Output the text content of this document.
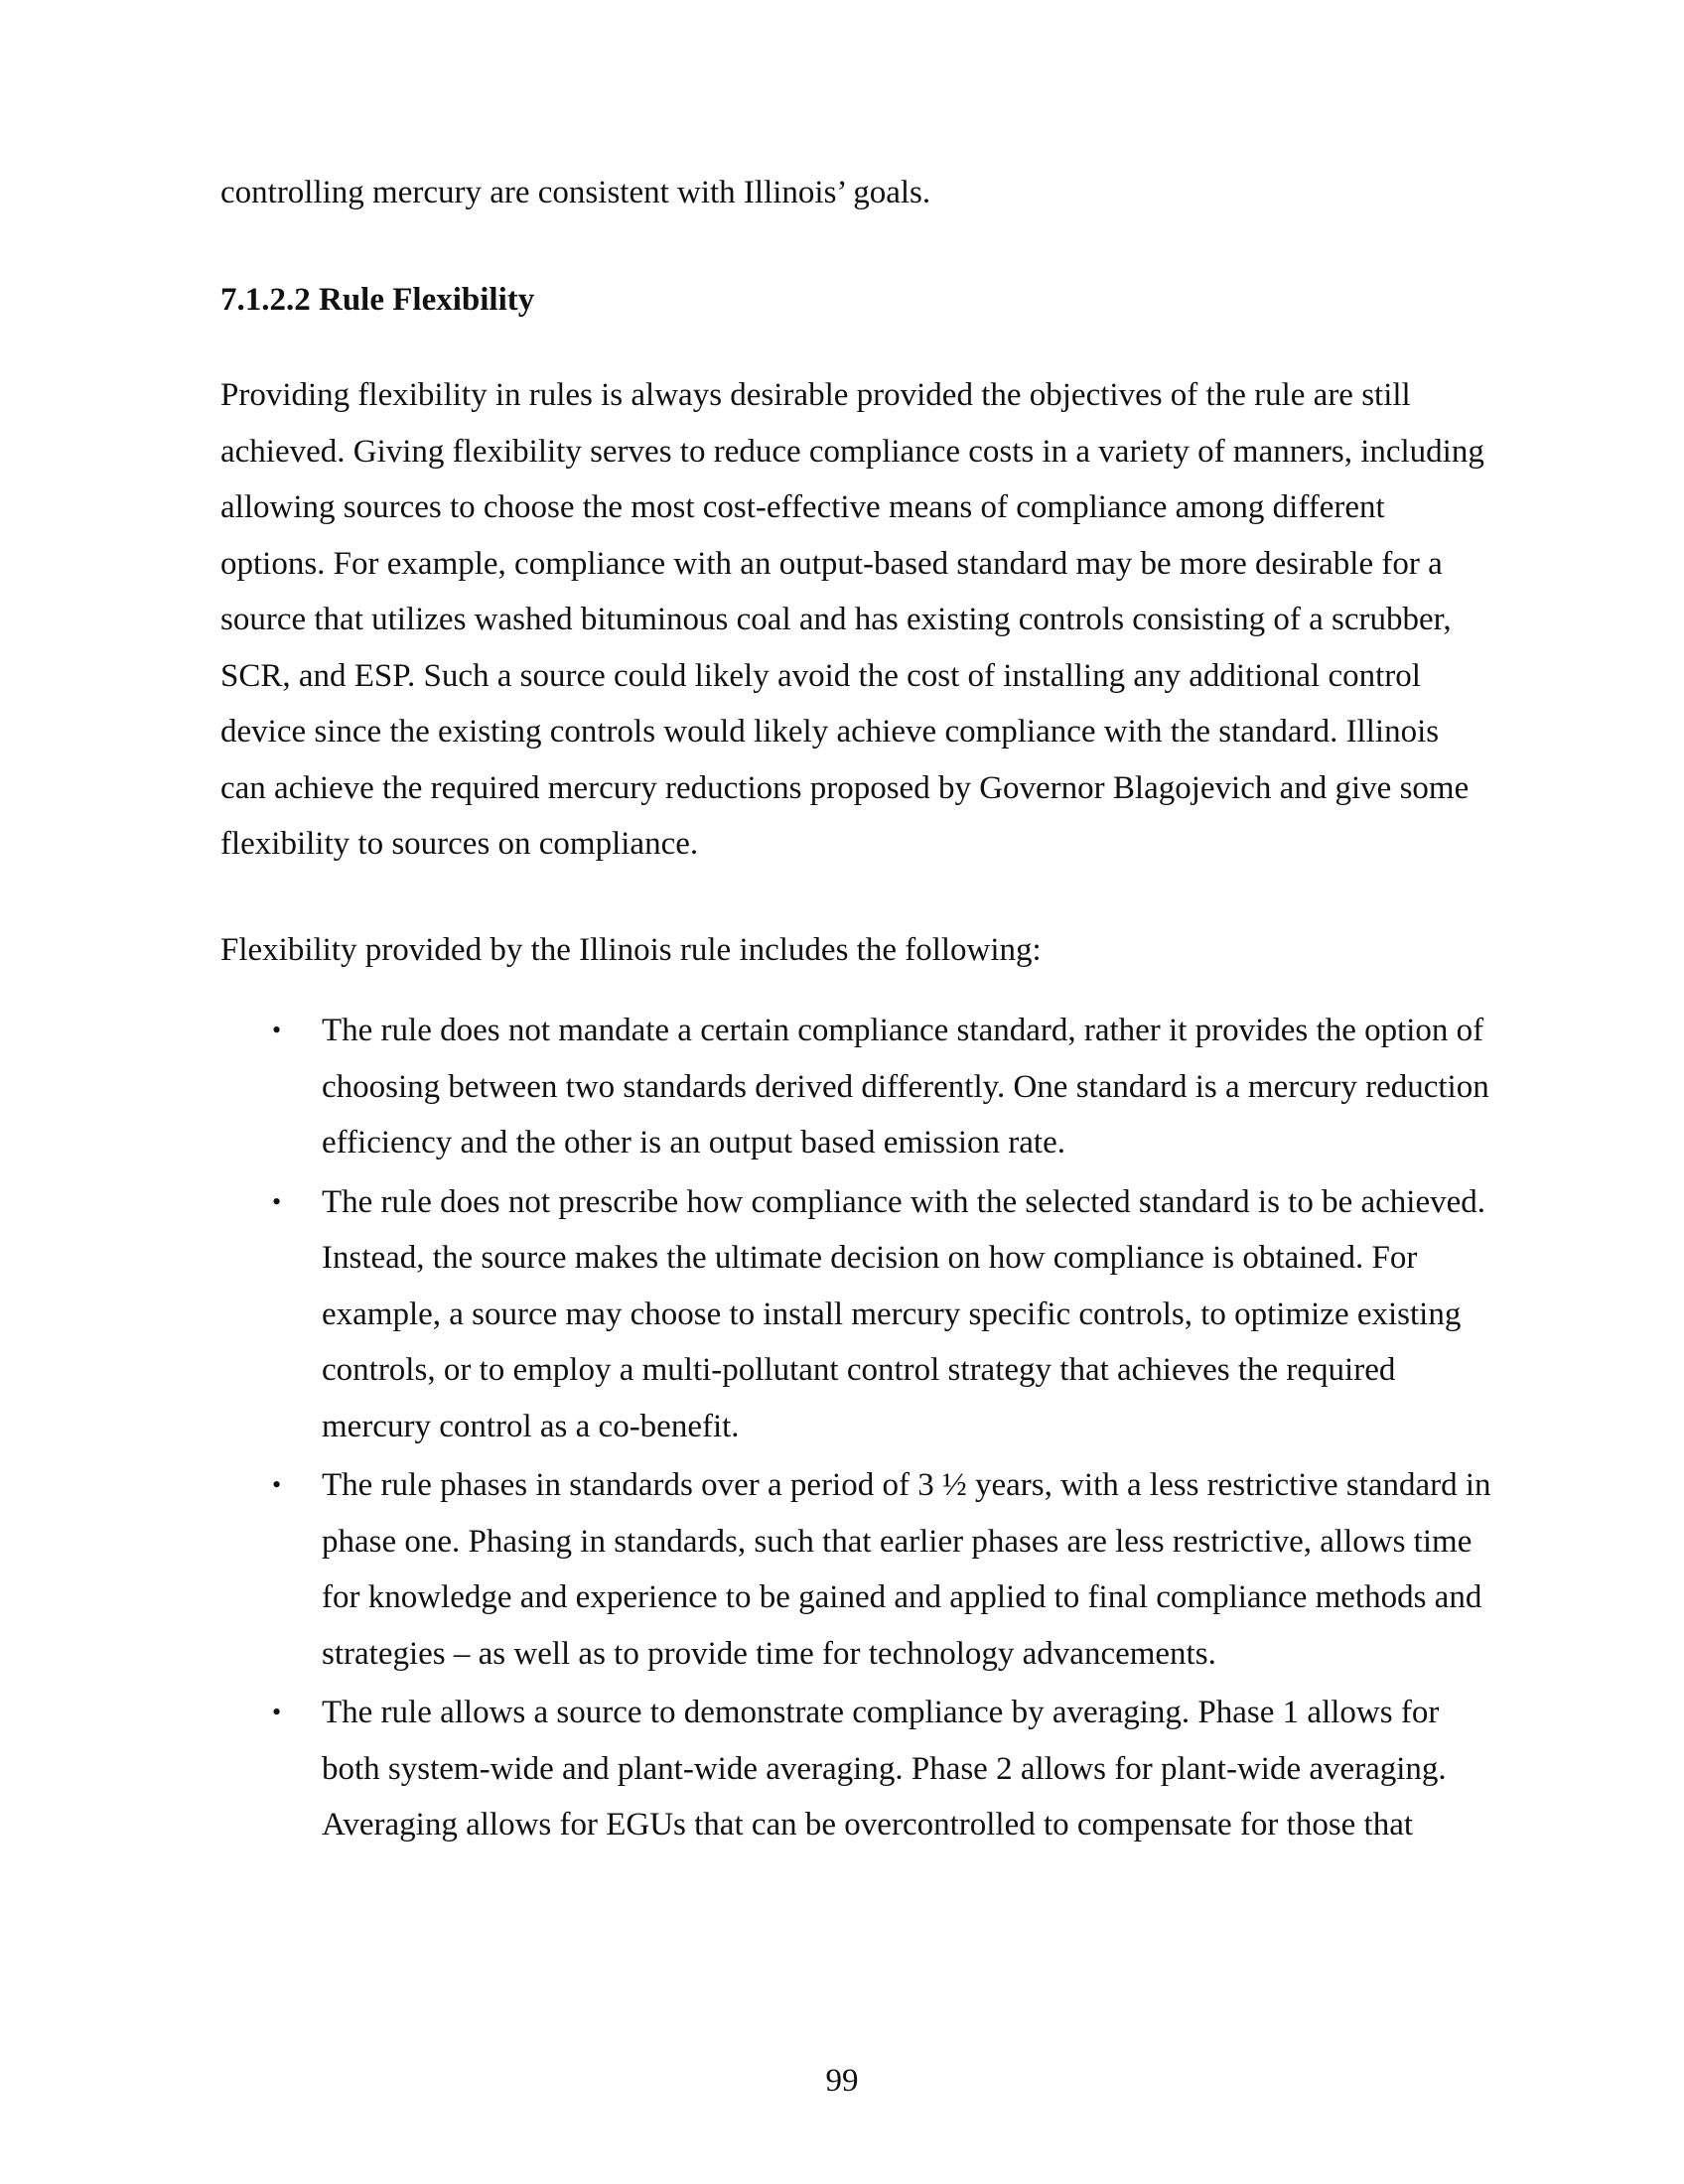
controlling mercury are consistent with Illinois’ goals.
7.1.2.2 Rule Flexibility

Providing flexibility in rules is always desirable provided the objectives of the rule are still
achieved. Giving flexibility serves to reduce compliance costs in a variety of manners, including
allowing sources to choose the most cost-effective means of compliance among different
options. For example, compliance with an output-based standard may be more desirable for a
source that utilizes washed bituminous coal and has existing controls consisting of a scrubber,
SCR, and ESP. Such a source could likely avoid the cost of installing any additional control
device since the existing controls would likely achieve compliance with the standard. Illinois
can achieve the required mercury reductions proposed by Governor Blagojevich and give some
flexibility to sources on compliance.

Flexibility provided by the Illinois rule includes the following:
• The rule does not mandate a certain compliance standard, rather it provides the option of
choosing between two standards derived differently. One standard is a mercury reduction
efficiency and the other is an output based emission rate.
• The rule does not prescribe how compliance with the selected standard is to be achieved.
Instead, the source makes the ultimate decision on how compliance is obtained. For
example, a source may choose to install mercury specific controls, to optimize existing
controls, or to employ a multi-pollutant control strategy that achieves the required
mercury control as a co-benefit.
• The rule phases in standards over a period of 3 ½ years, with a less restrictive standard in
phase one. Phasing in standards, such that earlier phases are less restrictive, allows time
for knowledge and experience to be gained and applied to final compliance methods and
strategies – as well as to provide time for technology advancements.
• The rule allows a source to demonstrate compliance by averaging. Phase 1 allows for
both system-wide and plant-wide averaging. Phase 2 allows for plant-wide averaging.
Averaging allows for EGUs that can be overcontrolled to compensate for those that
99
